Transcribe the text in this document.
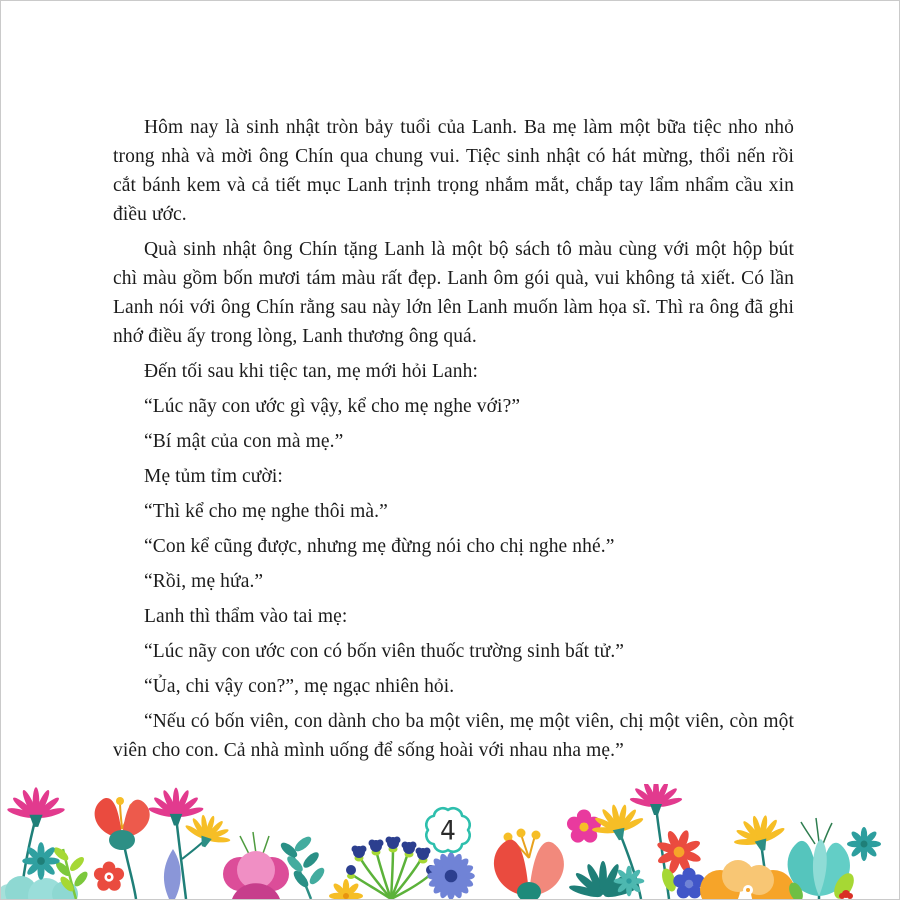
Hôm nay là sinh nhật tròn bảy tuổi của Lanh. Ba mẹ làm một bữa tiệc nho nhỏ trong nhà và mời ông Chín qua chung vui. Tiệc sinh nhật có hát mừng, thổi nến rồi cắt bánh kem và cả tiết mục Lanh trịnh trọng nhắm mắt, chắp tay lẩm nhẩm cầu xin điều ước.

Quà sinh nhật ông Chín tặng Lanh là một bộ sách tô màu cùng với một hộp bút chì màu gồm bốn mươi tám màu rất đẹp. Lanh ôm gói quà, vui không tả xiết. Có lần Lanh nói với ông Chín rằng sau này lớn lên Lanh muốn làm họa sĩ. Thì ra ông đã ghi nhớ điều ấy trong lòng, Lanh thương ông quá.

Đến tối sau khi tiệc tan, mẹ mới hỏi Lanh:

“Lúc nãy con ước gì vậy, kể cho mẹ nghe với?”

“Bí mật của con mà mẹ.”

Mẹ tủm tỉm cười:

“Thì kể cho mẹ nghe thôi mà.”

“Con kể cũng được, nhưng mẹ đừng nói cho chị nghe nhé.”

“Rồi, mẹ hứa.”

Lanh thì thẩm vào tai mẹ:

“Lúc nãy con ước con có bốn viên thuốc trường sinh bất tử.”

“Ủa, chi vậy con?”, mẹ ngạc nhiên hỏi.

“Nếu có bốn viên, con dành cho ba một viên, mẹ một viên, chị một viên, còn một viên cho con. Cả nhà mình uống để sống hoài với nhau nha mẹ.”

4
